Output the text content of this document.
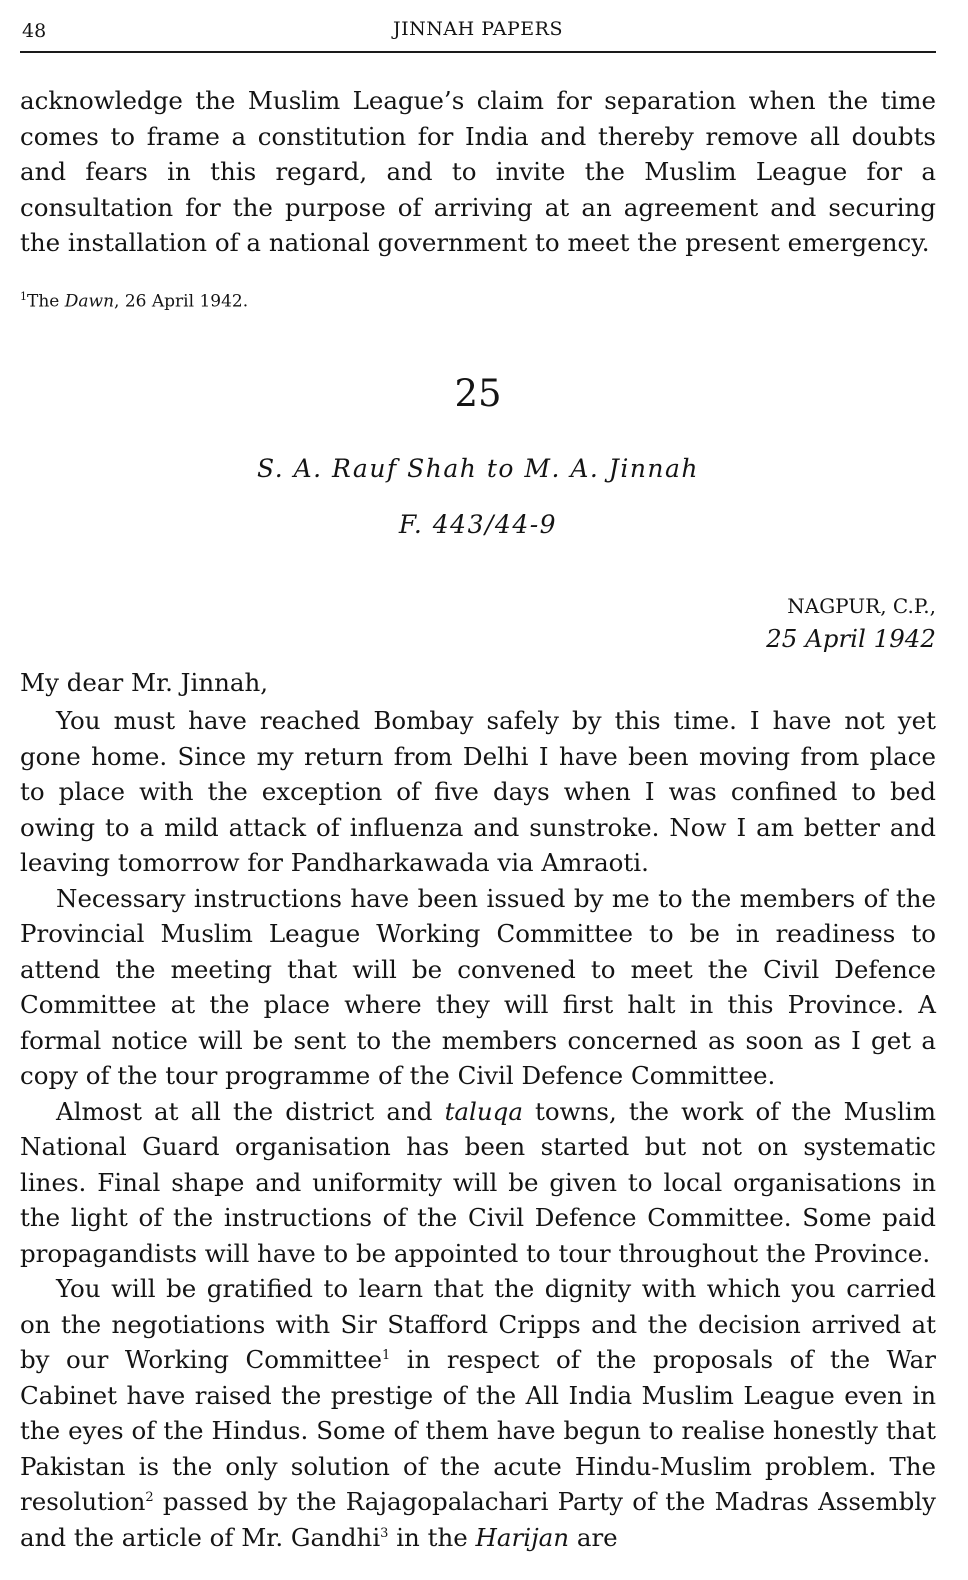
48	JINNAH PAPERS

acknowledge the Muslim League’s claim for separation when the time comes to frame a constitution for India and thereby remove all doubts and fears in this regard, and to invite the Muslim League for a consultation for the purpose of arriving at an agreement and securing the installation of a national government to meet the present emergency.

$^1$The Dawn, 26 April 1942.

25

S. A. Rauf Shah to M. A. Jinnah

F. 443/44-9

NAGPUR, C.P.,

25 April 1942

My dear Mr. Jinnah,

You must have reached Bombay safely by this time. I have not yet gone home. Since my return from Delhi I have been moving from place to place with the exception of five days when I was confined to bed owing to a mild attack of influenza and sunstroke. Now I am better and leaving tomorrow for Pandharkawada via Amraoti.

Necessary instructions have been issued by me to the members of the Provincial Muslim League Working Committee to be in readiness to attend the meeting that will be convened to meet the Civil Defence Committee at the place where they will first halt in this Province. A formal notice will be sent to the members concerned as soon as I get a copy of the tour programme of the Civil Defence Committee.

Almost at all the district and taluqa towns, the work of the Muslim National Guard organisation has been started but not on systematic lines. Final shape and uniformity will be given to local organisations in the light of the instructions of the Civil Defence Committee. Some paid propagandists will have to be appointed to tour throughout the Province.

You will be gratified to learn that the dignity with which you carried on the negotiations with Sir Stafford Cripps and the decision arrived at by our Working Committee$^1$ in respect of the proposals of the War Cabinet have raised the prestige of the All India Muslim League even in the eyes of the Hindus. Some of them have begun to realise honestly that Pakistan is the only solution of the acute Hindu-Muslim problem. The resolution$^2$ passed by the Rajagopalachari Party of the Madras Assembly and the article of Mr. Gandhi$^3$ in the Harijan are
